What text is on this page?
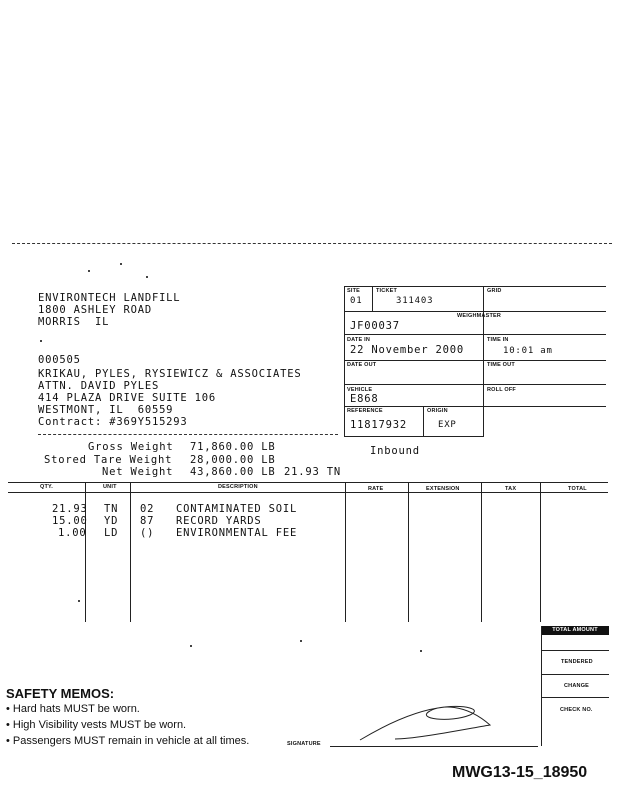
ENVIRONTECH LANDFILL
1800 ASHLEY ROAD
MORRIS  IL
000505
KRIKAU, PYLES, RYSIEWICZ & ASSOCIATES
ATTN. DAVID PYLES
414 PLAZA DRIVE SUITE 106
WESTMONT, IL  60559
Contract: #369Y515293
SITE
01
TICKET
311403
GRID
WEIGHMASTER
JF00037
DATE IN
22 November 2000
TIME IN
10:01 am
DATE OUT	TIME OUT
VEHICLE
E868
ROLL OFF
REFERENCE
11817932
ORIGIN
EXP
Inbound
Gross Weight 71,860.00 LB
Stored Tare Weight 28,000.00 LB
Net Weight 43,860.00 LB 21.93 TN
QTY.	UNIT	DESCRIPTION	RATE	EXTENSION	TAX	TOTAL
21.93 TN 02 CONTAMINATED SOIL
15.00 YD 87 RECORD YARDS
1.00 LD () ENVIRONMENTAL FEE
TOTAL AMOUNT
TENDERED
CHANGE
CHECK NO.
SAFETY MEMOS:
• Hard hats MUST be worn.
• High Visibility vests MUST be worn.
• Passengers MUST remain in vehicle at all times.	SIGNATURE
MWG13-15_18950
